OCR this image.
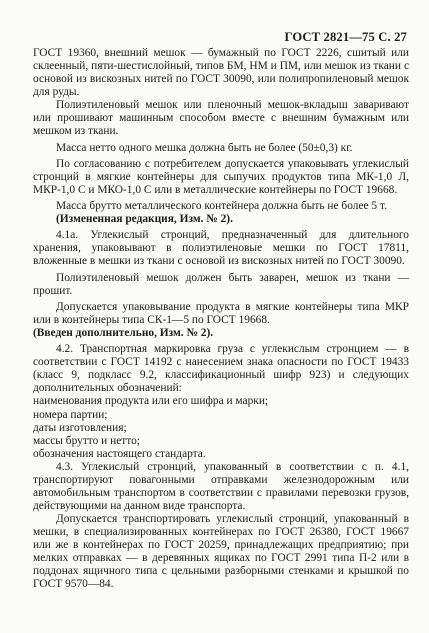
ГОСТ 2821—75 С. 27

ГОСТ 19360, внешний мешок — бумажный по ГОСТ 2226, сшитый или склеенный, пяти-шестислойный, типов БМ, НМ и ПМ, или мешок из ткани с основой из вискозных нитей по ГОСТ 30090, или полипропиленовый мешок для руды.

Полиэтиленовый мешок или пленочный мешок-вкладыш заваривают или прошивают машинным способом вместе с внешним бумажным или мешком из ткани.

Масса нетто одного мешка должна быть не более (50±0,3) кг.

По согласованию с потребителем допускается упаковывать углекислый стронций в мягкие контейнеры для сыпучих продуктов типа МК-1,0 Л, МКР-1,0 С и МКО-1,0 С или в металлические контейнеры по ГОСТ 19668.

Масса брутто металлического контейнера должна быть не более 5 т.

(Измененная редакция, Изм. № 2).

4.1а. Углекислый стронций, предназначенный для длительного хранения, упаковывают в полиэтиленовые мешки по ГОСТ 17811, вложенные в мешки из ткани с основой из вискозных нитей по ГОСТ 30090.

Полиэтиленовый мешок должен быть заварен, мешок из ткани — прошит.

Допускается упаковывание продукта в мягкие контейнеры типа МКР или в контейнеры типа СК-1—5 по ГОСТ 19668.

(Введен дополнительно, Изм. № 2).

4.2. Транспортная маркировка груза с углекислым стронцием — в соответствии с ГОСТ 14192 с нанесением знака опасности по ГОСТ 19433 (класс 9, подкласс 9.2, классификационный шифр 923) и следующих дополнительных обозначений:

наименования продукта или его шифра и марки;

номера партии;

даты изготовления;

массы брутто и нетто;

обозначения настоящего стандарта.

4.3. Углекислый стронций, упакованный в соответствии с п. 4.1, транспортируют повагонными отправками железнодорожным или автомобильным транспортом в соответствии с правилами перевозки грузов, действующими на данном виде транспорта.

Допускается транспортировать углекислый стронций, упакованный в мешки, в специализированных контейнерах по ГОСТ 26380, ГОСТ 19667 или же в контейнерах по ГОСТ 20259, принадлежащих предприятию; при мелких отправках — в деревянных ящиках по ГОСТ 2991 типа П-2 или в поддонах ящичного типа с цельными разборными стенками и крышкой по ГОСТ 9570—84.
